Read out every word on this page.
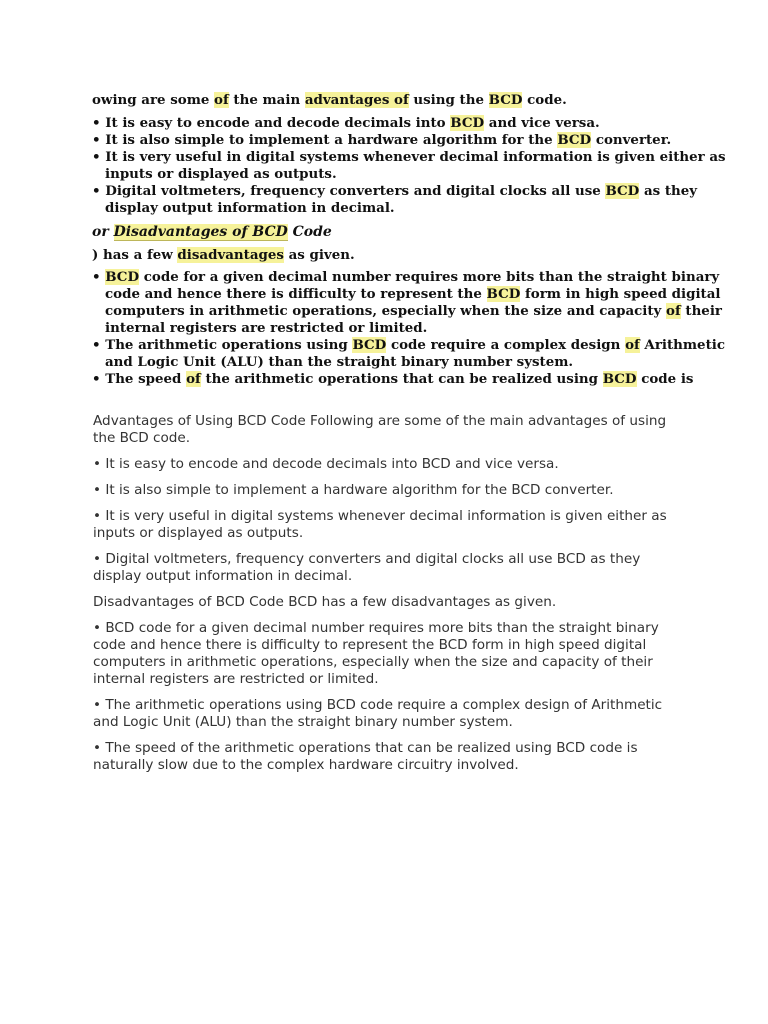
owing are some of the main advantages of using the BCD code.
• It is easy to encode and decode decimals into BCD and vice versa.
• It is also simple to implement a hardware algorithm for the BCD converter.
• It is very useful in digital systems whenever decimal information is given either as
inputs or displayed as outputs.
• Digital voltmeters, frequency converters and digital clocks all use BCD as they
display output information in decimal.
or Disadvantages of BCD Code
) has a few disadvantages as given.
• BCD code for a given decimal number requires more bits than the straight binary
code and hence there is difficulty to represent the BCD form in high speed digital
computers in arithmetic operations, especially when the size and capacity of their
internal registers are restricted or limited.
• The arithmetic operations using BCD code require a complex design of Arithmetic
and Logic Unit (ALU) than the straight binary number system.
• The speed of the arithmetic operations that can be realized using BCD code is

Advantages of Using BCD Code Following are some of the main advantages of using the BCD code.

• It is easy to encode and decode decimals into BCD and vice versa.

• It is also simple to implement a hardware algorithm for the BCD converter.

• It is very useful in digital systems whenever decimal information is given either as inputs or displayed as outputs.

• Digital voltmeters, frequency converters and digital clocks all use BCD as they display output information in decimal.

Disadvantages of BCD Code BCD has a few disadvantages as given.

• BCD code for a given decimal number requires more bits than the straight binary code and hence there is difficulty to represent the BCD form in high speed digital computers in arithmetic operations, especially when the size and capacity of their internal registers are restricted or limited.

• The arithmetic operations using BCD code require a complex design of Arithmetic and Logic Unit (ALU) than the straight binary number system.

• The speed of the arithmetic operations that can be realized using BCD code is naturally slow due to the complex hardware circuitry involved.
